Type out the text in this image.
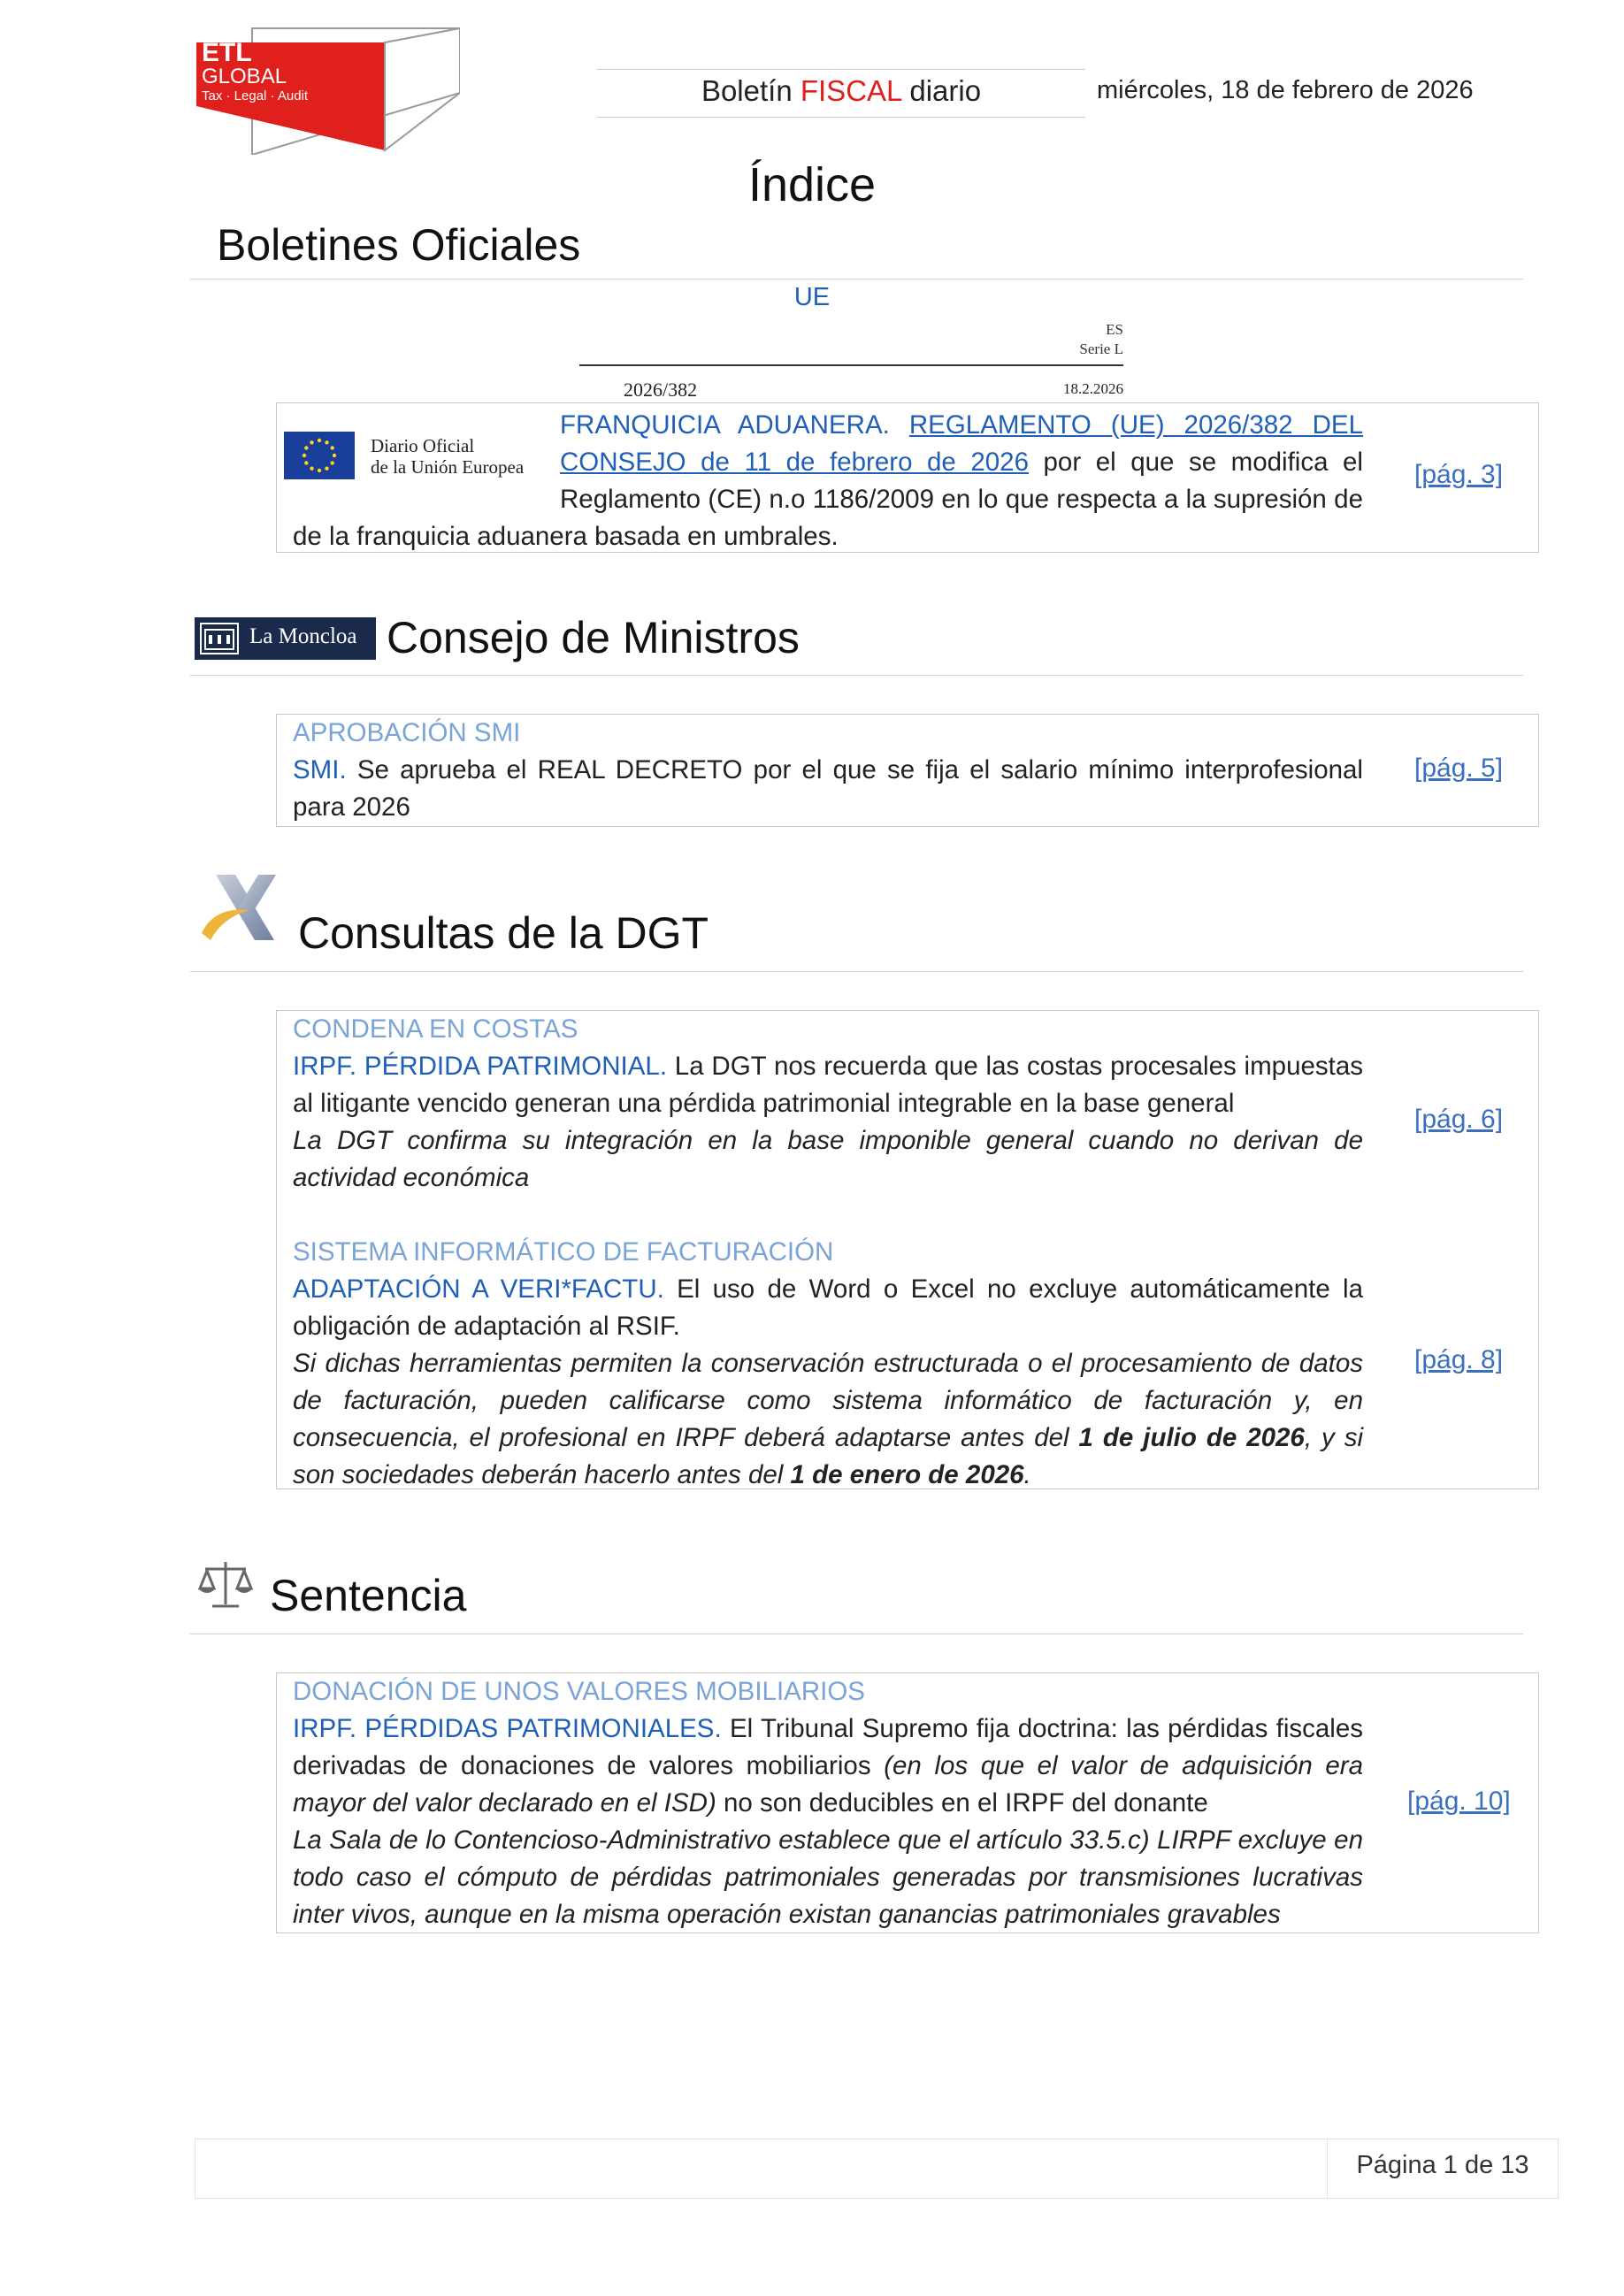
ETL
GLOBAL
Tax · Legal · Audit	Boletín FISCAL diario	miércoles, 18 de febrero de 2026
Índice
Boletines Oficiales
UE
ES
Serie L
2026/382	18.2.2026
Diario Oficial
de la Unión Europea
FRANQUICIA ADUANERA. REGLAMENTO (UE) 2026/382 DEL CONSEJO de 11 de febrero de 2026 por el que se modifica el Reglamento (CE) n.o 1186/2009 en lo que respecta a la supresión de
de la franquicia aduanera basada en umbrales.
[pág. 3]
La Moncloa Consejo de Ministros
APROBACIÓN SMI
SMI. Se aprueba el REAL DECRETO por el que se fija el salario mínimo interprofesional para 2026
[pág. 5]
Consultas de la DGT
CONDENA EN COSTAS
IRPF. PÉRDIDA PATRIMONIAL. La DGT nos recuerda que las costas procesales impuestas al litigante vencido generan una pérdida patrimonial integrable en la base general
La DGT confirma su integración en la base imponible general cuando no derivan de actividad económica
[pág. 6]
SISTEMA INFORMÁTICO DE FACTURACIÓN
ADAPTACIÓN A VERI*FACTU. El uso de Word o Excel no excluye automáticamente la obligación de adaptación al RSIF.
Si dichas herramientas permiten la conservación estructurada o el procesamiento de datos de facturación, pueden calificarse como sistema informático de facturación y, en consecuencia, el profesional en IRPF deberá adaptarse antes del 1 de julio de 2026, y si son sociedades deberán hacerlo antes del 1 de enero de 2026.
[pág. 8]
Sentencia
DONACIÓN DE UNOS VALORES MOBILIARIOS
IRPF. PÉRDIDAS PATRIMONIALES. El Tribunal Supremo fija doctrina: las pérdidas fiscales derivadas de donaciones de valores mobiliarios (en los que el valor de adquisición era mayor del valor declarado en el ISD) no son deducibles en el IRPF del donante
La Sala de lo Contencioso-Administrativo establece que el artículo 33.5.c) LIRPF excluye en todo caso el cómputo de pérdidas patrimoniales generadas por transmisiones lucrativas inter vivos, aunque en la misma operación existan ganancias patrimoniales gravables
[pág. 10]
Página 1 de 13
